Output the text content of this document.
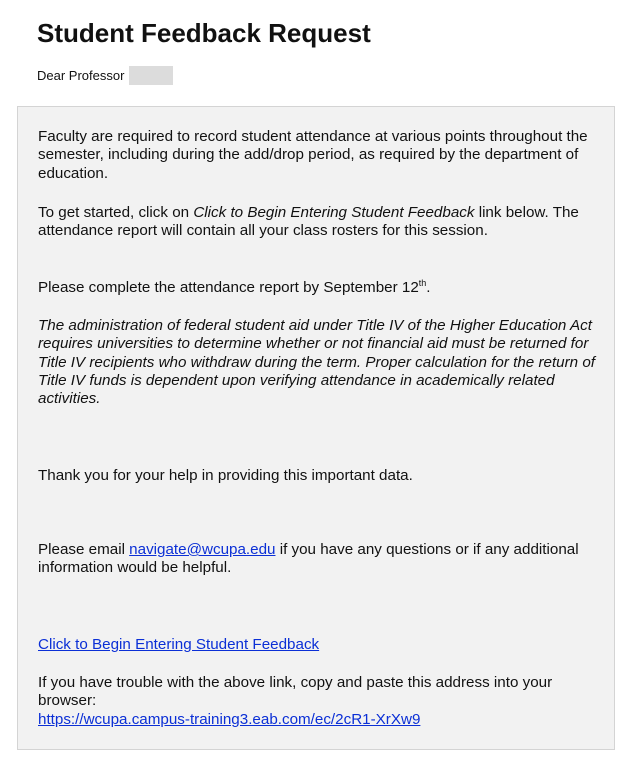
Student Feedback Request
Dear Professor

Faculty are required to record student attendance at various points throughout the semester, including during the add/drop period, as required by the department of education.

To get started, click on Click to Begin Entering Student Feedback link below. The attendance report will contain all your class rosters for this session.

Please complete the attendance report by September 12th.

The administration of federal student aid under Title IV of the Higher Education Act requires universities to determine whether or not financial aid must be returned for Title IV recipients who withdraw during the term. Proper calculation for the return of Title IV funds is dependent upon verifying attendance in academically related activities.

Thank you for your help in providing this important data.

Please email navigate@wcupa.edu if you have any questions or if any additional information would be helpful.

Click to Begin Entering Student Feedback

If you have trouble with the above link, copy and paste this address into your browser:
https://wcupa.campus-training3.eab.com/ec/2cR1-XrXw9
